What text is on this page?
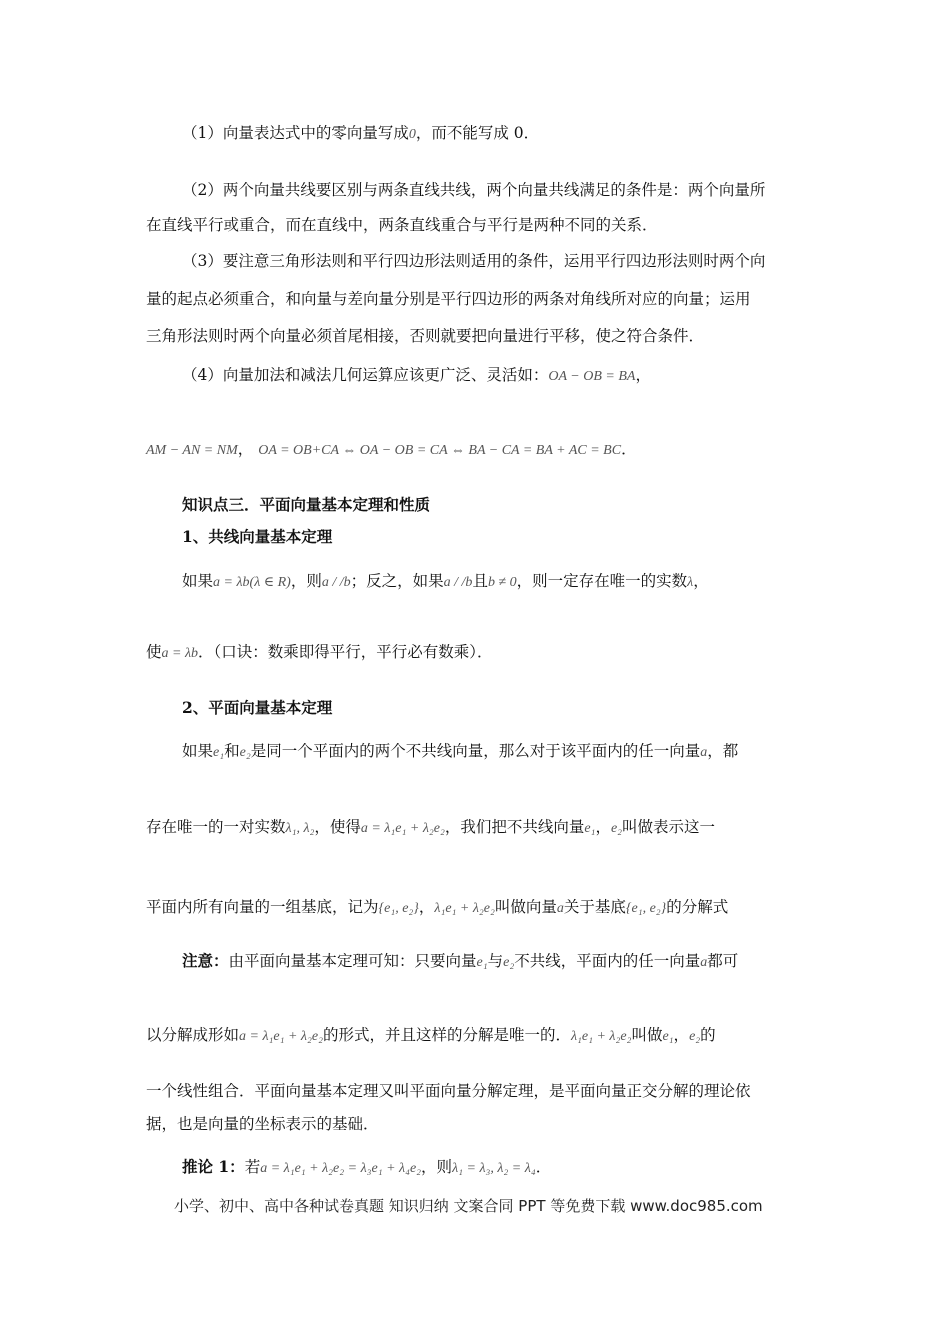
（1）向量表达式中的零向量写成0，而不能写成 0．
（2）两个向量共线要区别与两条直线共线，两个向量共线满足的条件是：两个向量所
在直线平行或重合，而在直线中，两条直线重合与平行是两种不同的关系．
（3）要注意三角形法则和平行四边形法则适用的条件，运用平行四边形法则时两个向
量的起点必须重合，和向量与差向量分别是平行四边形的两条对角线所对应的向量；运用
三角形法则时两个向量必须首尾相接，否则就要把向量进行平移，使之符合条件．
（4）向量加法和减法几何运算应该更广泛、灵活如：OA − OB = BA，
AM − AN = NM， OA = OB+CA ⇔ OA − OB = CA ⇔ BA − CA = BA + AC = BC．
知识点三．平面向量基本定理和性质
1、共线向量基本定理
如果a = λb(λ ∈ R)，则a / /b；反之，如果a / /b且b ≠ 0，则一定存在唯一的实数λ，
使a = λb．（口诀：数乘即得平行，平行必有数乘）．
2、平面向量基本定理
如果e₁和e₂是同一个平面内的两个不共线向量，那么对于该平面内的任一向量a，都
存在唯一的一对实数λ₁, λ₂，使得a = λ₁e₁ + λ₂e₂，我们把不共线向量e₁，e₂叫做表示这一
平面内所有向量的一组基底，记为{e₁, e₂}，λ₁e₁ + λ₂e₂叫做向量a关于基底{e₁, e₂}的分解式
注意：由平面向量基本定理可知：只要向量e₁与e₂不共线，平面内的任一向量a都可
以分解成形如a = λ₁e₁ + λ₂e₂的形式，并且这样的分解是唯一的．λ₁e₁ + λ₂e₂叫做e₁，e₂的
一个线性组合．平面向量基本定理又叫平面向量分解定理，是平面向量正交分解的理论依
据，也是向量的坐标表示的基础．
推论 1：若a = λ₁e₁ + λ₂e₂ = λ₃e₁ + λ₄e₂，则λ₁ = λ₃, λ₂ = λ₄．
小学、初中、高中各种试卷真题 知识归纳 文案合同 PPT 等免费下载 www.doc985.com
